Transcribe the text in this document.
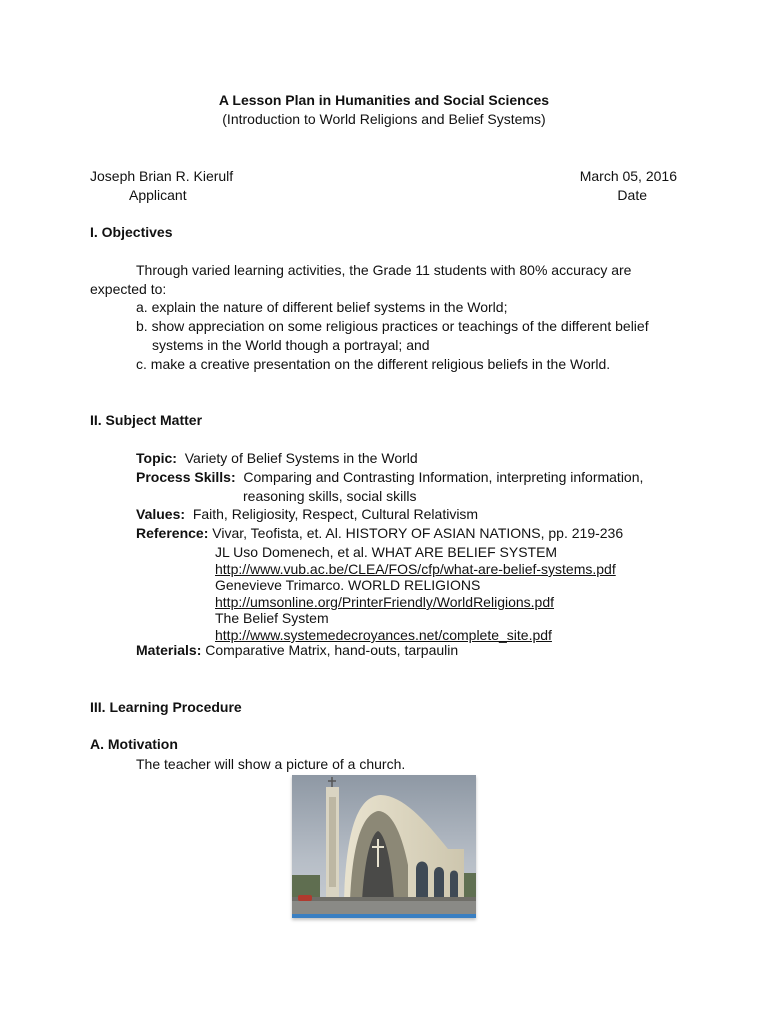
A Lesson Plan in Humanities and Social Sciences
(Introduction to World Religions and Belief Systems)
Joseph Brian R. Kierulf
Applicant
March 05, 2016
Date
I. Objectives
Through varied learning activities, the Grade 11 students with 80% accuracy are
expected to:
a. explain the nature of different belief systems in the World;
b. show appreciation on some religious practices or teachings of the different belief
systems in the World though a portrayal; and
c. make a creative presentation on the different religious beliefs in the World.
II. Subject Matter
Topic: Variety of Belief Systems in the World
Process Skills: Comparing and Contrasting Information, interpreting information,
reasoning skills, social skills
Values: Faith, Religiosity, Respect, Cultural Relativism
Reference: Vivar, Teofista, et. Al. HISTORY OF ASIAN NATIONS, pp. 219-236
JL Uso Domenech, et al. WHAT ARE BELIEF SYSTEM
http://www.vub.ac.be/CLEA/FOS/cfp/what-are-belief-systems.pdf
Genevieve Trimarco. WORLD RELIGIONS
http://umsonline.org/PrinterFriendly/WorldReligions.pdf
The Belief System
http://www.systemedecroyances.net/complete_site.pdf
Materials: Comparative Matrix, hand-outs, tarpaulin
III. Learning Procedure
A. Motivation
The teacher will show a picture of a church.
